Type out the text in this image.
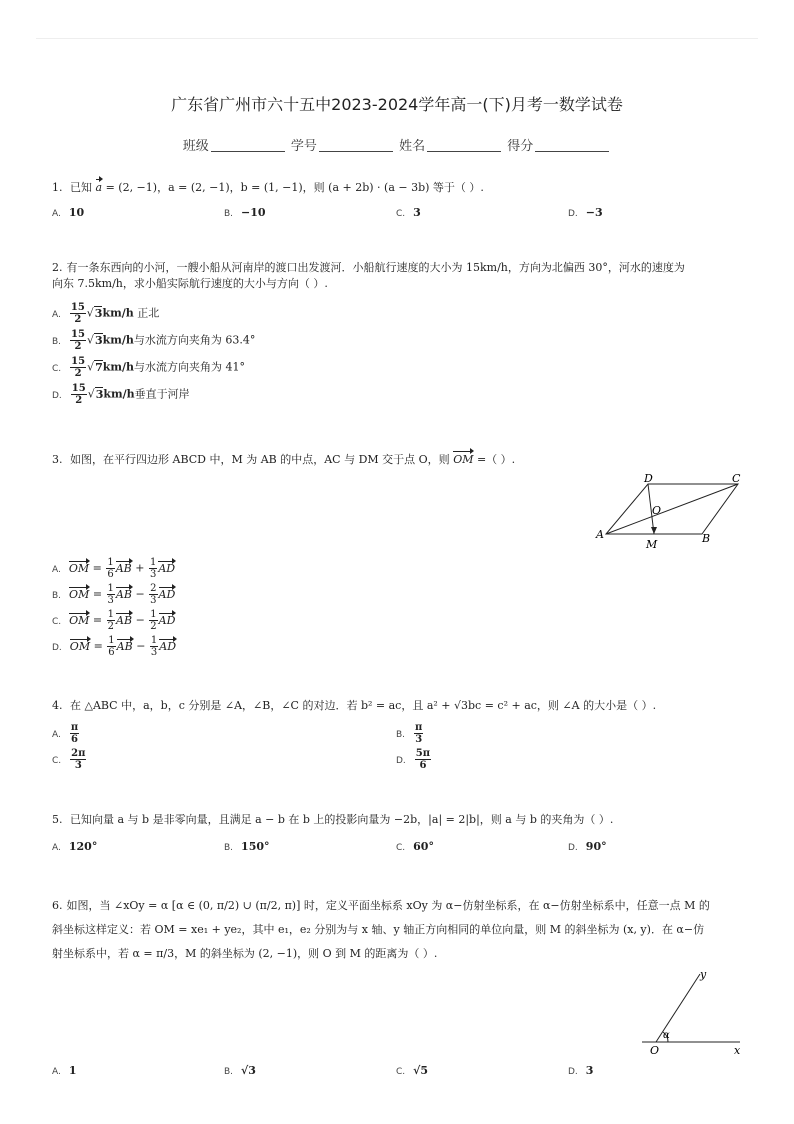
广东省广州市六十五中2023-2024学年高一(下)月考一数学试卷
班级	学号	姓名	得分
1. 已知 a = (2, −1)，a = (2, −1)，b = (1, −1)，则 (a + 2b) · (a − 3b) 等于（ ）.
A. 10	B. −10	C. 3	D. −3
2. 有一条东西向的小河，一艘小船从河南岸的渡口出发渡河．小船航行速度的大小为 15km/h，方向为北偏西 30°，河水的速度为
向东 7.5km/h，求小船实际航行速度的大小与方向（ ）.
A. $\frac{15}{2} √3km/h$ 正北
B. $\frac{15}{2} √3km/h$与水流方向夹角为 63.4°
C. $\frac{15}{2} √7km/h$与水流方向夹角为 41°
D. $\frac{15}{2} √3km/h$垂直于河岸
3. 如图，在平行四边形 ABCD 中，M 为 AB 的中点，AC 与 DM 交于点 O，则 OM =（ ）.
D	C
O
A
M	B
A. OM = $\frac{1}{6}$ AB + $\frac{1}{3}$ AD
B. OM = $\frac{1}{3}$ AB − $\frac{2}{3}$ AD
C. OM = $\frac{1}{2}$ AB − $\frac{1}{2}$ AD
D. OM = $\frac{1}{6}$ AB − $\frac{1}{3}$ AD
4. 在 △ABC 中，a，b，c 分别是 ∠A，∠B，∠C 的对边．若 b² = ac，且 a² + √3bc = c² + ac，则 ∠A 的大小是（ ）.
A. $\frac{\pi}{6}$	B. $\frac{\pi}{3}$
C. $\frac{2\pi}{3}$	D. $\frac{5\pi}{6}$
5. 已知向量 a 与 b 是非零向量，且满足 a − b 在 b 上的投影向量为 −2b，|a| = 2|b|，则 a 与 b 的夹角为（ ）.
A. 120°	B. 150°	C. 60°	D. 90°
6. 如图，当 ∠xOy = α [α ∈ (0, π/2) ∪ (π/2, π)] 时，定义平面坐标系 xOy 为 α−仿射坐标系，在 α−仿射坐标系中，任意一点 M 的
斜坐标这样定义：若 OM = xe₁ + ye₂，其中 e₁，e₂ 分别为与 x 轴、y 轴正方向相同的单位向量，则 M 的斜坐标为 (x, y)．在 α−仿
射坐标系中，若 α = π/3，M 的斜坐标为 (2, −1)，则 O 到 M 的距离为（ ）.
y
α
O	x
A. 1	B. √3	C. √5	D. 3
